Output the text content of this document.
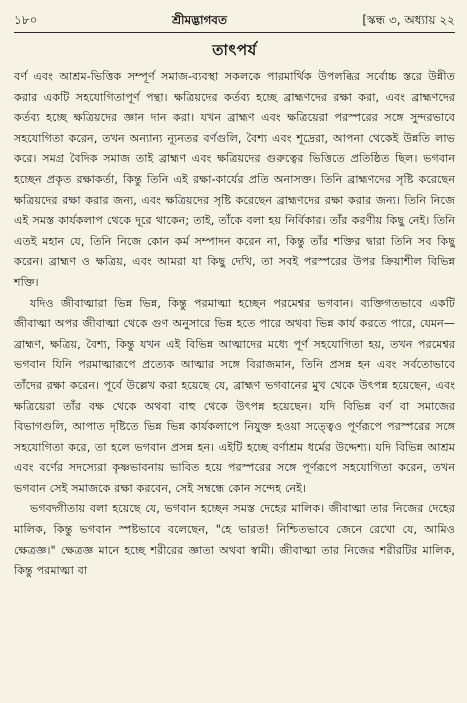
১৮০	শ্রীমদ্ভাগবত	[স্কন্ধ ৩, অধ্যায় ২২
তাৎপর্য

বর্ণ এবং আশ্রম-ভিত্তিক সম্পূর্ণ সমাজ-ব্যবস্থা সকলকে পারমার্থিক উপলব্ধির সর্বোচ্চ স্তরে উন্নীত করার একটি সহযোগিতাপূর্ণ পন্থা। ক্ষত্রিয়দের কর্তব্য হচ্ছে ব্রাহ্মণদের রক্ষা করা, এবং ব্রাহ্মণদের কর্তব্য হচ্ছে ক্ষত্রিয়দের জ্ঞান দান করা। যখন ব্রাহ্মণ এবং ক্ষত্রিয়েরা পরস্পরের সঙ্গে সুন্দরভাবে সহযোগিতা করেন, তখন অন্যান্য ন্যূনতর বর্ণগুলি, বৈশ্য এবং শূদ্রেরা, আপনা থেকেই উন্নতি লাভ করে। সমগ্র বৈদিক সমাজ তাই ব্রাহ্মণ এবং ক্ষত্রিয়দের গুরুত্বের ভিত্তিতে প্রতিষ্ঠিত ছিল। ভগবান হচ্ছেন প্রকৃত রক্ষাকর্তা, কিন্তু তিনি এই রক্ষা-কার্যের প্রতি অনাসক্ত। তিনি ব্রাহ্মণদের সৃষ্টি করেছেন ক্ষত্রিয়দের রক্ষা করার জন্য, এবং ক্ষত্রিয়দের সৃষ্টি করেছেন ব্রাহ্মণদের রক্ষা করার জন্য। তিনি নিজে এই সমস্ত কার্যকলাপ থেকে দূরে থাকেন; তাই, তাঁকে বলা হয় নির্বিকার। তাঁর করণীয় কিছু নেই। তিনি এতই মহান যে, তিনি নিজে কোন কর্ম সম্পাদন করেন না, কিন্তু তাঁর শক্তির দ্বারা তিনি সব কিছু করেন। ব্রাহ্মণ ও ক্ষত্রিয়, এবং আমরা যা কিছু দেখি, তা সবই পরস্পরের উপর ক্রিয়াশীল বিভিন্ন শক্তি।

যদিও জীবাত্মারা ভিন্ন ভিন্ন, কিন্তু পরমাত্মা হচ্ছেন পরমেশ্বর ভগবান। ব্যক্তিগতভাবে একটি জীবাত্মা অপর জীবাত্মা থেকে গুণ অনুসারে ভিন্ন হতে পারে অথবা ভিন্ন কার্য করতে পারে, যেমন—ব্রাহ্মণ, ক্ষত্রিয়, বৈশ্য, কিন্তু যখন এই বিভিন্ন আত্মাদের মধ্যে পূর্ণ সহযোগিতা হয়, তখন পরমেশ্বর ভগবান যিনি পরমাত্মারূপে প্রত্যেক আত্মার সঙ্গে বিরাজমান, তিনি প্রসন্ন হন এবং সর্বতোভাবে তাঁদের রক্ষা করেন। পূর্বে উল্লেখ করা হয়েছে যে, ব্রাহ্মণ ভগবানের মুখ থেকে উৎপন্ন হয়েছেন, এবং ক্ষত্রিয়েরা তাঁর বক্ষ থেকে অথবা বাহু থেকে উৎপন্ন হয়েছেন। যদি বিভিন্ন বর্ণ বা সমাজের বিভাগগুলি, আপাত দৃষ্টিতে ভিন্ন ভিন্ন কার্যকলাপে নিযুক্ত হওয়া সত্ত্বেও পূর্ণরূপে পরস্পরের সঙ্গে সহযোগিতা করে, তা হলে ভগবান প্রসন্ন হন। এইটি হচ্ছে বর্ণাশ্রম ধর্মের উদ্দেশ্য। যদি বিভিন্ন আশ্রম এবং বর্ণের সদস্যেরা কৃষ্ণভাবনায় ভাবিত হয়ে পরস্পরের সঙ্গে পূর্ণরূপে সহযোগিতা করেন, তখন ভগবান সেই সমাজকে রক্ষা করবেন, সেই সম্বন্ধে কোন সন্দেহ নেই।

ভগবদ্গীতায় বলা হয়েছে যে, ভগবান হচ্ছেন সমস্ত দেহের মালিক। জীবাত্মা তার নিজের দেহের মালিক, কিন্তু ভগবান স্পষ্টভাবে বলেছেন, "হে ভারত! নিশ্চিতভাবে জেনে রেখো যে, আমিও ক্ষেত্রজ্ঞ।" ক্ষেত্রজ্ঞ মানে হচ্ছে শরীরের জ্ঞাতা অথবা স্বামী। জীবাত্মা তার নিজের শরীরটির মালিক, কিন্তু পরমাত্মা বা
